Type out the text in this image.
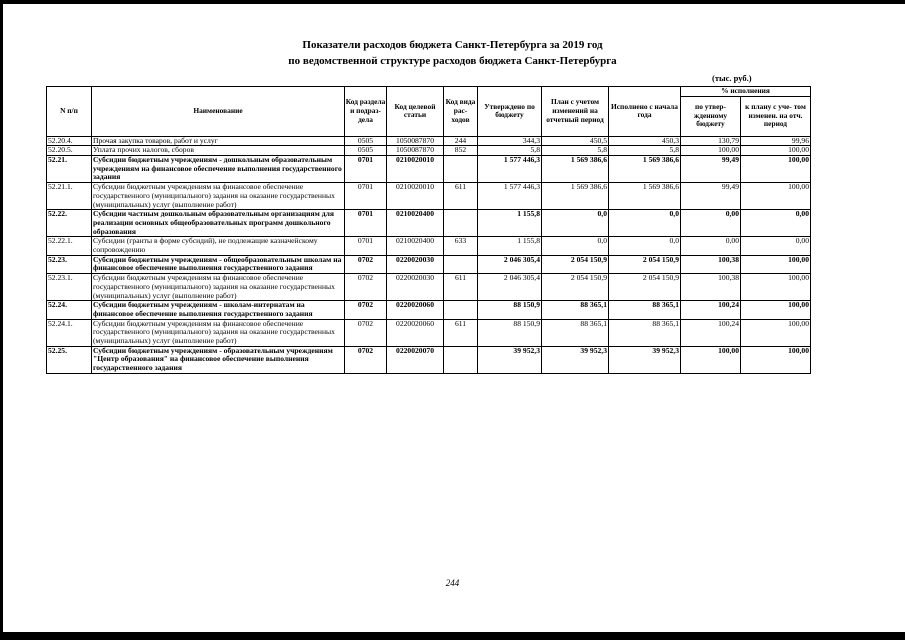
Показатели расходов бюджета Санкт-Петербурга за 2019 год
по ведомственной структуре расходов бюджета Санкт-Петербурга
(тыс. руб.)
N п/п	Наименование	Код раздела и подраз- дела	Код целевой статьи	Код вида рас- ходов	Утверждено по бюджету	План с учетом изменений на отчетный период	Исполнено с начала года	% исполнения	
								по утвер- жденному бюджету	к плану с уче- том изменен. на отч. период
52.20.4.	Прочая закупка товаров, работ и услуг	0505	1050087870	244	344,3	450,5	450,3	130,79	99,96
52.20.5.	Уплата прочих налогов, сборов	0505	1050087870	852	5,8	5,8	5,8	100,00	100,00
52.21.	Субсидии бюджетным учреждениям - дошкольным образовательным учреждениям на финансовое обеспечение выполнения государственного задания	0701	0210020010		1 577 446,3	1 569 386,6	1 569 386,6	99,49	100,00
52.21.1.	Субсидии бюджетным учреждениям на финансовое обеспечение государственного (муниципального) задания на оказание государственных (муниципальных) услуг (выполнение работ)	0701	0210020010	611	1 577 446,3	1 569 386,6	1 569 386,6	99,49	100,00
52.22.	Субсидии частным дошкольным образовательным организациям для реализации основных общеобразовательных программ дошкольного образования	0701	0210020400		1 155,8	0,0	0,0	0,00	0,00
52.22.1.	Субсидии (гранты в форме субсидий), не подлежащие казначейскому сопровождению	0701	0210020400	633	1 155,8	0,0	0,0	0,00	0,00
52.23.	Субсидии бюджетным учреждениям - общеобразовательным школам на финансовое обеспечение выполнения государственного задания	0702	0220020030		2 046 305,4	2 054 150,9	2 054 150,9	100,38	100,00
52.23.1.	Субсидии бюджетным учреждениям на финансовое обеспечение государственного (муниципального) задания на оказание государственных (муниципальных) услуг (выполнение работ)	0702	0220020030	611	2 046 305,4	2 054 150,9	2 054 150,9	100,38	100,00
52.24.	Субсидии бюджетным учреждениям - школам-интернатам на финансовое обеспечение выполнения государственного задания	0702	0220020060		88 150,9	88 365,1	88 365,1	100,24	100,00
52.24.1.	Субсидии бюджетным учреждениям на финансовое обеспечение государственного (муниципального) задания на оказание государственных (муниципальных) услуг (выполнение работ)	0702	0220020060	611	88 150,9	88 365,1	88 365,1	100,24	100,00
52.25.	Субсидии бюджетным учреждениям - образовательным учреждениям "Центр образования" на финансовое обеспечение выполнения государственного задания	0702	0220020070		39 952,3	39 952,3	39 952,3	100,00	100,00
244
